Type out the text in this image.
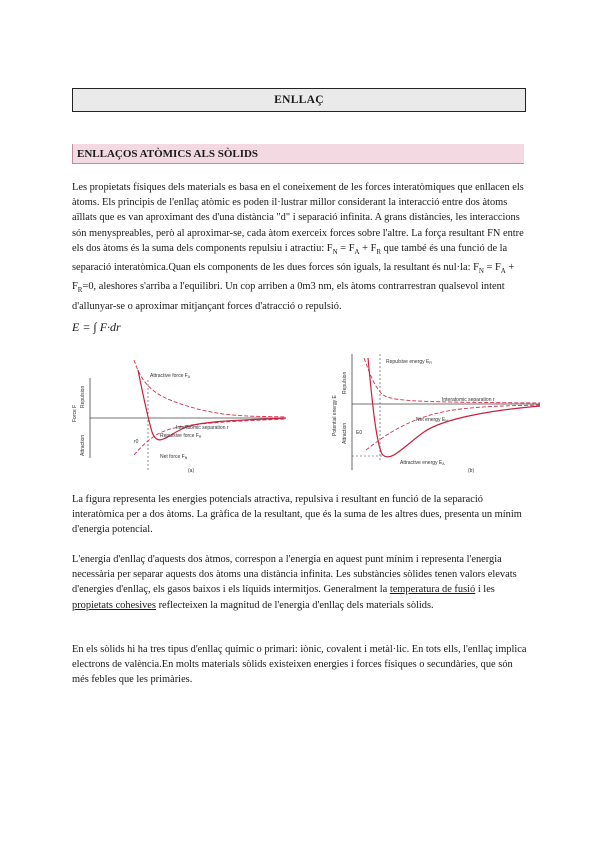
ENLLAÇ
ENLLAÇOS ATÒMICS ALS SÒLIDS
Les propietats físiques dels materials es basa en el coneixement de les forces interatòmiques que enllacen els àtoms. Els principis de l'enllaç atòmic es poden il·lustrar millor considerant la interacció entre dos àtoms aïllats que es van aproximant des d'una distància "d" i separació infinita. A grans distàncies, les interaccions són menyspreables, però al aproximar-se, cada àtom exerceix forces sobre l'altre. La força resultant FN entre els dos àtoms és la suma dels components repulsiu i atractiu: $F_N = F_A + F_R$ que també és una funció de la separació interatòmica.Quan els components de les dues forces són iguals, la resultant és nul·la: $F_N = F_A + F_R=0$, aleshores s'arriba a l'equilibri. Un cop arriben a 0m3 nm, els àtoms contrarrestran qualsevol intent d'allunyar-se o aproximar mitjançant forces d'atracció o repulsió.
E = ∫ F·dr
Attractive force $F_A$
Repulsive force $F_R$
Interatomic separation r
Net force $F_N$
r0
Force F
Attraction
Repulsion
(a)
Repulsive energy $E_R$
Interatomic separation r
Net energy $E_N$
Attractive energy $E_A$
E0
Potential energy E
Repulsion
Attraction
(b)
La figura representa les energies potencials atractiva, repulsiva i resultant en funció de la separació interatòmica per a dos àtoms. La gràfica de la resultant, que és la suma de les altres dues, presenta un mínim d'energia potencial.
L'energia d'enllaç d'aquests dos àtmos, correspon a l'energia en aquest punt mínim i representa l'energia necessària per separar aquests dos àtoms una distància infinita. Les substàncies sòlides tenen valors elevats d'energies d'enllaç, els gasos baixos i els líquids intermitjos. Generalment la temperatura de fusió i les propietats cohesives reflecteixen la magnitud de l'energia d'enllaç dels materials sòlids.
En els sòlids hi ha tres tipus d'enllaç químic o primari: iònic, covalent i metàl·lic. En tots ells, l'enllaç implica electrons de valència.En molts materials sòlids existeixen energies i forces físiques o secundàries, que són més febles que les primàries.
